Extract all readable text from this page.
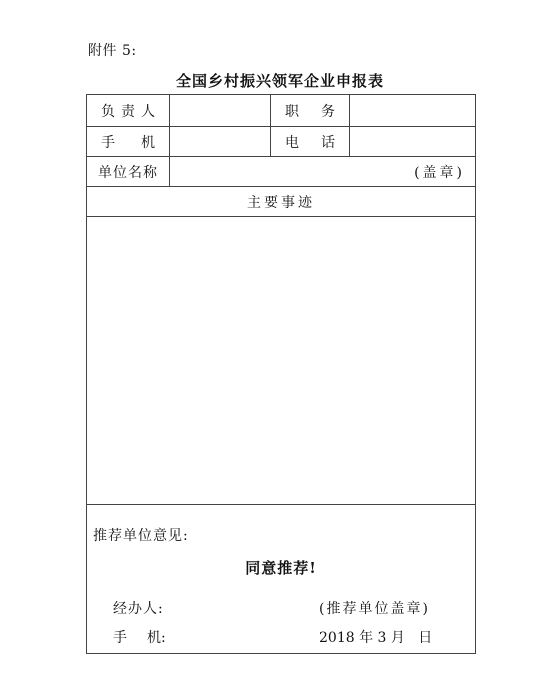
附件 5:
全国乡村振兴领军企业申报表
负 责 人	职 务
手 机	电 话
单位名称	(盖章)
主要事迹
推荐单位意见:
同意推荐!
经办人:	(推荐单位盖章)
手 机:	2018 年 3 月   日
